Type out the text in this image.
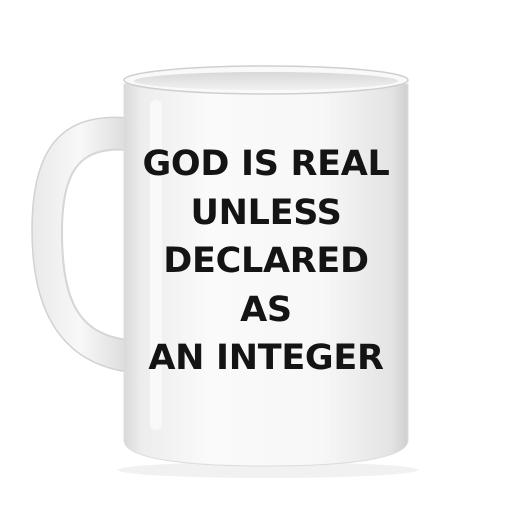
GOD IS REAL
UNLESS
DECLARED
AS
AN INTEGER
